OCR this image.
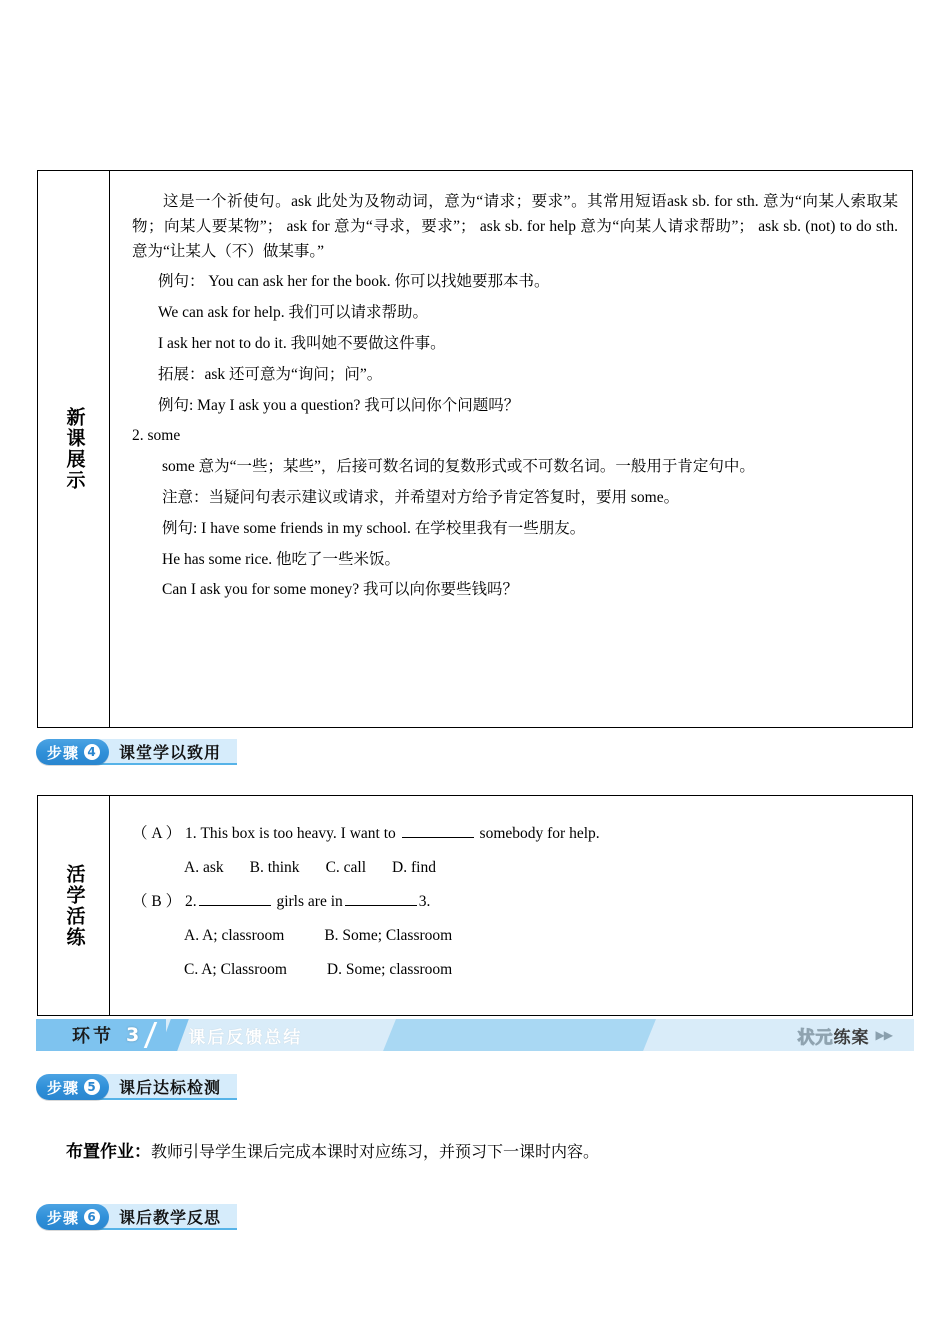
新课展示

这是一个祈使句。ask 此处为及物动词，意为“请求；要求”。其常用短语ask sb. for sth. 意为“向某人索取某物；向某人要某物”； ask for 意为“寻求，要求”； ask sb. for help 意为“向某人请求帮助”； ask sb. (not) to do sth. 意为“让某人（不）做某事。”

例句： You can ask her for the book. 你可以找她要那本书。

We can ask for help. 我们可以请求帮助。

I ask her not to do it. 我叫她不要做这件事。

拓展：ask 还可意为“询问；问”。

例句: May I ask you a question? 我可以问你个问题吗？

2. some

some 意为“一些；某些”，后接可数名词的复数形式或不可数名词。一般用于肯定句中。

注意：当疑问句表示建议或请求，并希望对方给予肯定答复时，要用 some。

例句: I have some friends in my school. 在学校里我有一些朋友。

He has some rice. 他吃了一些米饭。

Can I ask you for some money? 我可以向你要些钱吗？

步骤 4 课堂学以致用
活学活练

（ A ） 1. This box is too heavy. I want to	somebody for help.

A. ask B. think C. call D. find

（ B ） 2.	girls are in	3.

A. A; classroom	B. Some; Classroom

C. A; Classroom	D. Some; classroom

环节 3	课后反馈总结	状元练案 ▶▶
步骤 5 课后达标检测
布置作业：教师引导学生课后完成本课时对应练习，并预习下一课时内容。
步骤 6 课后教学反思
